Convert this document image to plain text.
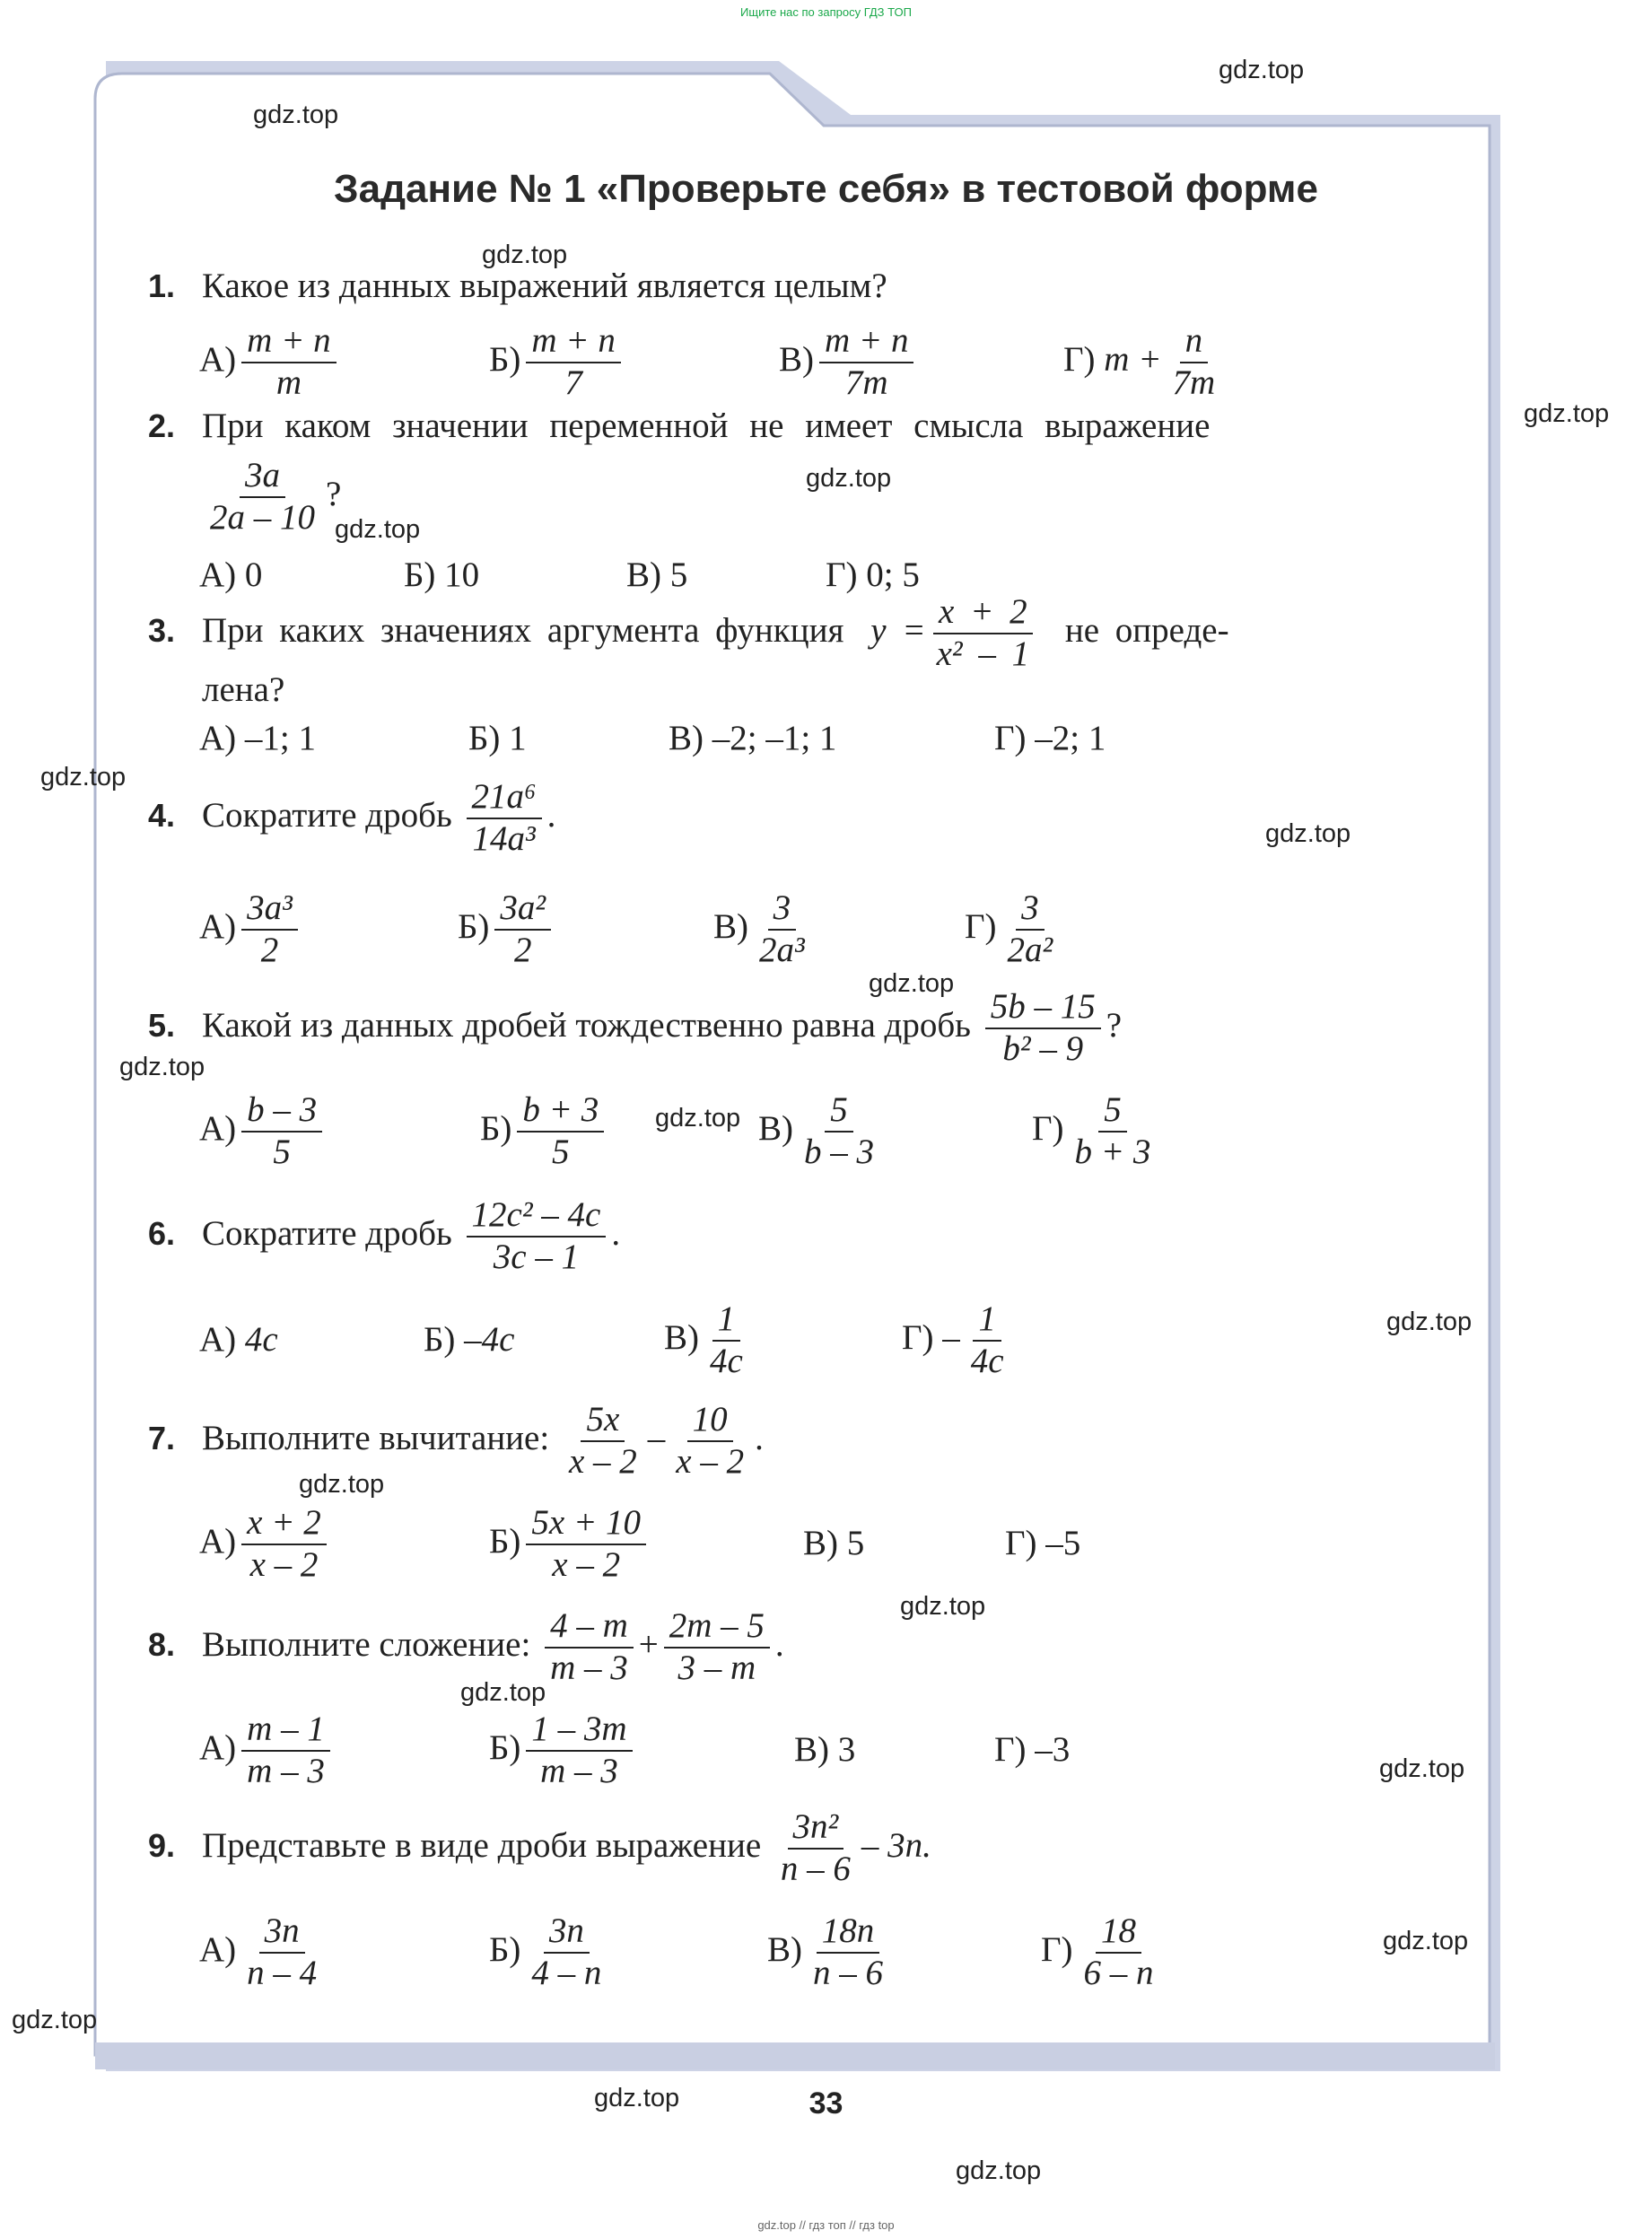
Ищите нас по запросу ГДЗ ТОП
Задание № 1 «Проверьте себя» в тестовой форме
1. Какое из данных выражений является целым?
$А) \frac{m + n}{m}$	$Б) \frac{m + n}{7}$	$В) \frac{m + n}{7m}$	Г) $m + \frac{n}{7m}$
2. При каком значении переменной не имеет смысла выражение
$\frac{3a}{2a - 10}$ ?
А) 0	Б) 10	В) 5	Г) 0; 5
3. При каких значениях аргумента функция $y = \frac{x + 2}{\text{x² – 1}}$ не опреде-
лена?
А) –1; 1	Б) 1	В) –2; –1; 1	Г) –2; 1
4. Сократите дробь $\frac{\text{21a⁶}}{\text{14a³}}$ .
$А) \frac{\text{3a³}}{2}$	$Б) \frac{\text{3a²}}{2}$	$В) \frac{3}{\text{2a³}}$	$Г) \frac{3}{\text{2a²}}$
5. Какой из данных дробей тождественно равна дробь $\frac{5b - 15}{\text{b² – 9}}$ ?
$А) \frac{b - 3}{5}$	$Б) \frac{b + 3}{5}$	$В) \frac{5}{b - 3}$	$Г) \frac{5}{b + 3}$
6. Сократите дробь $\frac{\text{12c² – 4c}}{3c - 1}$ .
А) 4c	Б) –4c	$В) \frac{1}{4c}$	$Г) - \frac{1}{4c}$
7. Выполните вычитание: $\frac{5x}{x - 2} - \frac{10}{x - 2}$ .
$А) \frac{x + 2}{x - 2}$	$Б) \frac{5x + 10}{x - 2}$	В) 5	Г) –5
8. Выполните сложение: $\frac{4 - m}{m - 3} + \frac{2m - 5}{3 - m}$ .
$А) \frac{m - 1}{m - 3}$	$Б) \frac{1 - 3m}{m - 3}$	В) 3	Г) –3
9. Представьте в виде дроби выражение $\frac{\text{3n²}}{n - 6} - 3n$.
$А) \frac{3n}{n - 4}$	$Б) \frac{3n}{4 - n}$	$В) \frac{18n}{n - 6}$	$Г) \frac{18}{6 - n}$
33
gdz.top
gdz.top
gdz.top
gdz.top
gdz.top
gdz.top
gdz.top
gdz.top
gdz.top
gdz.top
gdz.top
gdz.top
gdz.top
gdz.top
gdz.top
gdz.top
gdz.top
gdz.top
gdz.top
gdz.top
gdz.top // гдз топ // гдз top
